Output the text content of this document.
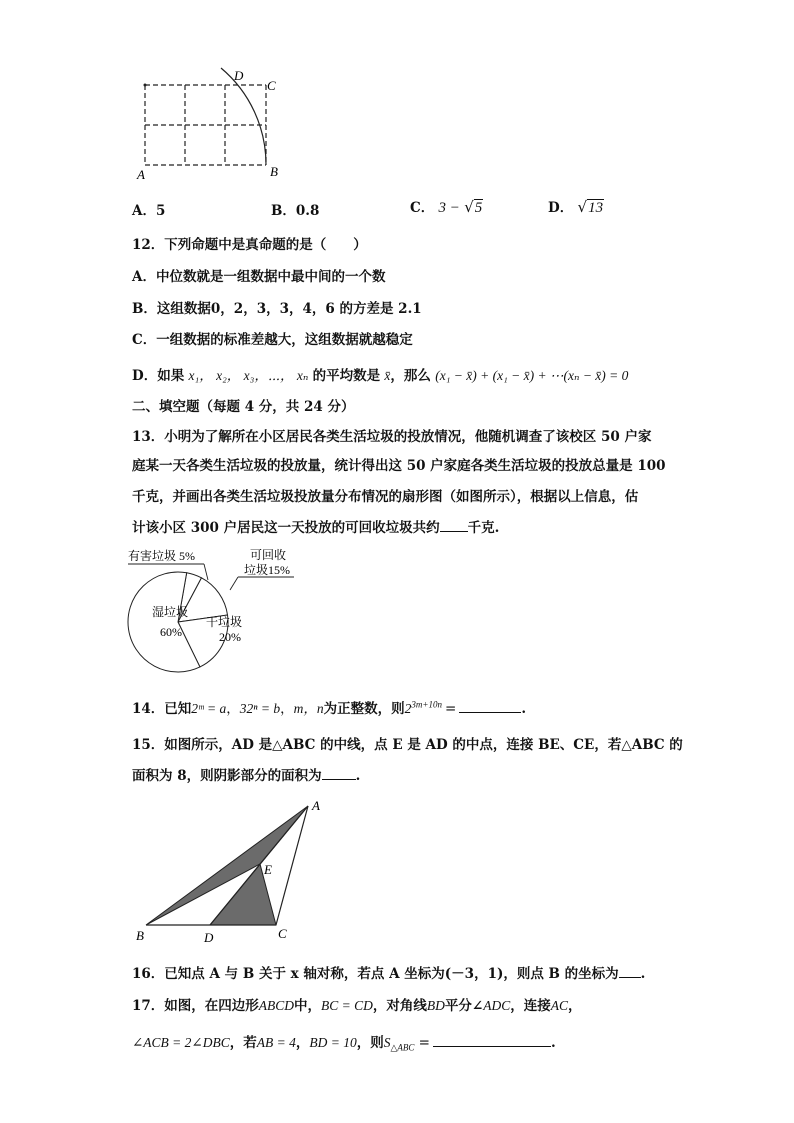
D
C
A	B
A．5	B．0.8	C． 3 − √5	D． √13
12．下列命题中是真命题的是（　　）
A．中位数就是一组数据中最中间的一个数
B．这组数据0，2，3，3，4，6 的方差是 2.1
C．一组数据的标准差越大，这组数据就越稳定
D．如果 x₁， x₂， x₃，⋯， xₙ 的平均数是 x̄，那么 (x₁ − x̄) + (x₁ − x̄) + ⋯(xₙ − x̄) = 0
二、填空题（每题 4 分，共 24 分）
13．小明为了解所在小区居民各类生活垃圾的投放情况，他随机调查了该校区 50 户家
庭某一天各类生活垃圾的投放量，统计得出这 50 户家庭各类生活垃圾的投放总量是 100
千克，并画出各类生活垃圾投放量分布情况的扇形图（如图所示），根据以上信息，估
计该小区 300 户居民这一天投放的可回收垃圾共约 千克.
有害垃圾 5%	可回收
垃圾15%
干垃圾
20%
湿垃圾
60%
14．已知2ᵐ = a，32ⁿ = b，m，n为正整数，则$2^{3m+10n}$ =	.
15．如图所示，AD 是△ABC 的中线，点 E 是 AD 的中点，连接 BE、CE，若△ABC 的
面积为 8，则阴影部分的面积为	.
A
B	C
D
E
16．已知点 A 与 B 关于 x 轴对称，若点 A 坐标为(－3，1)，则点 B 的坐标为 .
17．如图，在四边形ABCD中，BC = CD，对角线BD平分∠ADC，连接AC，
∠ACB = 2∠DBC，若AB = 4，BD = 10，则$S_{\triangle ABC}$ =	.
